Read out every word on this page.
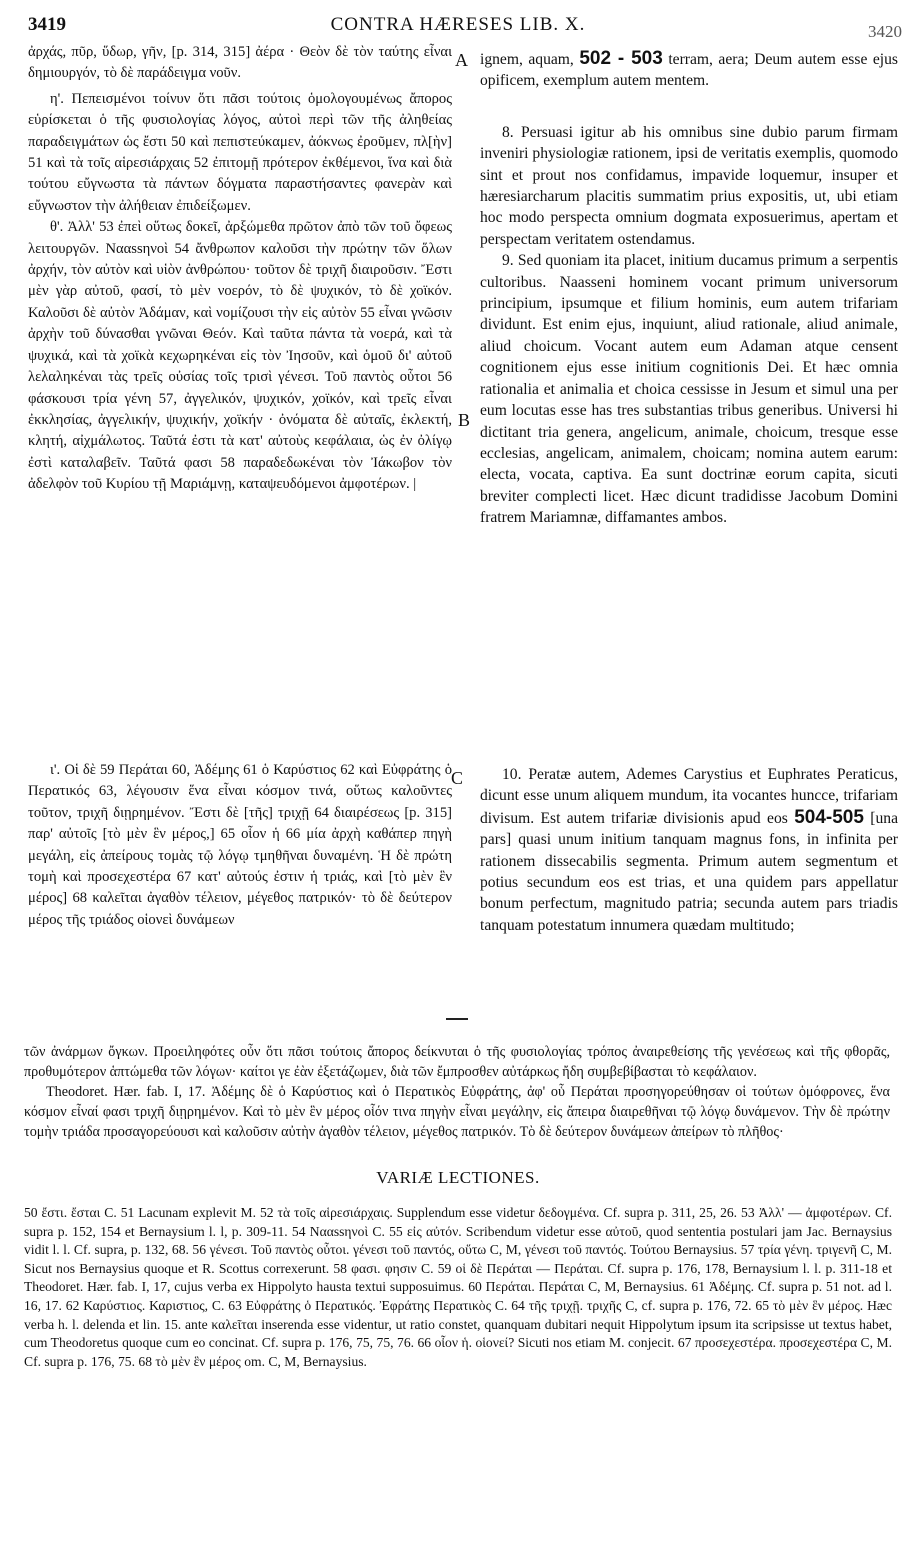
3419	CONTRA HÆRESES LIB. X.	3420

ἀρχάς, πῦρ, ὕδωρ, γῆν, [p. 314, 315] ἀέρα · Θεὸν δὲ τὸν ταύτης εἶναι δημιουργόν, τὸ δὲ παράδειγμα νοῦν.

η'. Πεπεισμένοι τοίνυν ὅτι πᾶσι τούτοις ὁμολογουμένως ἄπορος εὑρίσκεται ὁ τῆς φυσιολογίας λόγος, αὐτοὶ περὶ τῶν τῆς ἀληθείας παραδειγμάτων ὡς ἔστι 50 καὶ πεπιστεύκαμεν, ἀόκνως ἐροῦμεν, πλ[ὴν] 51 καὶ τὰ τοῖς αἱρεσιάρχαις 52 ἐπιτομῇ πρότερον ἐκθέμενοι, ἵνα καὶ διὰ τούτου εὔγνωστα τὰ πάντων δόγματα παραστήσαντες φανερὰν καὶ εὔγνωστον τὴν ἀλήθειαν ἐπιδείξωμεν.

θ'. Ἀλλ' 53 ἐπεὶ οὕτως δοκεῖ, ἀρξώμεθα πρῶτον ἀπὸ τῶν τοῦ ὄφεως λειτουργῶν. Νααssηνοὶ 54 ἄνθρωπον καλοῦσι τὴν πρώτην τῶν ὅλων ἀρχήν, τὸν αὐτὸν καὶ υἱὸν ἀνθρώπου· τοῦτον δὲ τριχῆ διαιροῦσιν. Ἔστι μὲν γὰρ αὐτοῦ, φασί, τὸ μὲν νοερόν, τὸ δὲ ψυχικόν, τὸ δὲ χοϊκόν. Καλοῦσι δὲ αὐτὸν Ἀδάμαν, καὶ νομίζουσι τὴν εἰς αὐτὸν 55 εἶναι γνῶσιν ἀρχὴν τοῦ δύνασθαι γνῶναι Θεόν. Καὶ ταῦτα πάντα τὰ νοερά, καὶ τὰ ψυχικά, καὶ τὰ χοϊκὰ κεχωρηκέναι εἰς τὸν Ἰησοῦν, καὶ ὁμοῦ δι' αὐτοῦ λελαληκέναι τὰς τρεῖς οὐσίας τοῖς τρισὶ γένεσι. Τοῦ παντὸς οὗτοι 56 φάσκουσι τρία γένη 57, ἀγγελικόν, ψυχικόν, χοϊκόν, καὶ τρεῖς εἶναι ἐκκλησίας, ἀγγελικήν, ψυχικήν, χοϊκήν · ὀνόματα δὲ αὐταῖς, ἐκλεκτή, κλητή, αἰχμάλωτος. Ταῦτά ἐστι τὰ κατ' αὐτοὺς κεφάλαια, ὡς ἐν ὀλίγῳ ἐστὶ καταλαβεῖν. Ταῦτά φασι 58 παραδεδωκέναι τὸν Ἰάκωβον τὸν ἀδελφὸν τοῦ Κυρίου τῇ Μαριάμνῃ, καταψευδόμενοι ἀμφοτέρων. |

ι'. Οἱ δὲ 59 Περάται 60, Ἀδέμης 61 ὁ Καρύστιος 62 καὶ Εὐφράτης ὁ Περατικός 63, λέγουσιν ἕνα εἶναι κόσμον τινά, οὕτως καλοῦντες τοῦτον, τριχῆ διῃρημένον. Ἔστι δὲ [τῆς] τριχῇ 64 διαιρέσεως [p. 315] παρ' αὐτοῖς [τὸ μὲν ἓν μέρος,] 65 οἷον ἡ 66 μία ἀρχὴ καθάπερ πηγὴ μεγάλη, εἰς ἀπείρους τομὰς τῷ λόγῳ τμηθῆναι δυναμένη. Ἡ δὲ πρώτη τομὴ καὶ προσεχεστέρα 67 κατ' αὐτούς ἐστιν ἡ τριάς, καὶ [τὸ μὲν ἓν μέρος] 68 καλεῖται ἀγαθὸν τέλειον, μέγεθος πατρικόν· τὸ δὲ δεύτερον μέρος τῆς τριάδος οἱονεὶ δυνάμεων

A
B
C

ignem, aquam, 502 - 503 terram, aera; Deum autem esse ejus opificem, exemplum autem mentem.

8. Persuasi igitur ab his omnibus sine dubio parum firmam inveniri physiologiæ rationem, ipsi de veritatis exemplis, quomodo sint et prout nos confidamus, impavide loquemur, insuper et hæresiarcharum placitis summatim prius expositis, ut, ubi etiam hoc modo perspecta omnium dogmata exposuerimus, apertam et perspectam veritatem ostendamus.

9. Sed quoniam ita placet, initium ducamus primum a serpentis cultoribus. Naasseni hominem vocant primum universorum principium, ipsumque et filium hominis, eum autem trifariam dividunt. Est enim ejus, inquiunt, aliud rationale, aliud animale, aliud choicum. Vocant autem eum Adaman atque censent cognitionem ejus esse initium cognitionis Dei. Et hæc omnia rationalia et animalia et choica cessisse in Jesum et simul una per eum locutas esse has tres substantias tribus generibus. Universi hi dictitant tria genera, angelicum, animale, choicum, tresque esse ecclesias, angelicam, animalem, choicam; nomina autem earum: electa, vocata, captiva. Ea sunt doctrinæ eorum capita, sicuti breviter complecti licet. Hæc dicunt tradidisse Jacobum Domini fratrem Mariamnæ, diffamantes ambos.

10. Peratæ autem, Ademes Carystius et Euphrates Peraticus, dicunt esse unum aliquem mundum, ita vocantes huncce, trifariam divisum. Est autem trifariæ divisionis apud eos 504-505 [una pars] quasi unum initium tanquam magnus fons, in infinita per rationem dissecabilis segmenta. Primum autem segmentum et potius secundum eos est trias, et una quidem pars appellatur bonum perfectum, magnitudo patria; secunda autem pars triadis tanquam potestatum innumera quædam multitudo;

τῶν ἀνάρμων ὄγκων. Προειληφότες οὖν ὅτι πᾶσι τούτοις ἄπορος δείκνυται ὁ τῆς φυσιολογίας τρόπος ἀναιρεθείσης τῆς γενέσεως καὶ τῆς φθορᾶς, προθυμότερον ἁπτώμεθα τῶν λόγων· καίτοι γε ἐὰν ἐξετάζωμεν, διὰ τῶν ἔμπροσθεν αὐτάρκως ἤδη συμβεβίβασται τὸ κεφάλαιον.

Theodoret. Hær. fab. I, 17. Ἀδέμης δὲ ὁ Καρύστιος καὶ ὁ Περατικὸς Εὐφράτης, ἀφ' οὗ Περάται προσηγορεύθησαν οἱ τούτων ὁμόφρονες, ἕνα κόσμον εἶναί φασι τριχῆ διῃρημένον. Καὶ τὸ μὲν ἓν μέρος οἷόν τινα πηγὴν εἶναι μεγάλην, εἰς ἄπειρα διαιρεθῆναι τῷ λόγῳ δυνάμενον. Τὴν δὲ πρώτην τομὴν τριάδα προσαγορεύουσι καὶ καλοῦσιν αὐτὴν ἀγαθὸν τέλειον, μέγεθος πατρικόν. Τὸ δὲ δεύτερον δυνάμεων ἀπείρων τὸ πλῆθος·

VARIÆ LECTIONES.

50 ἔστι. ἔσται C. 51 Lacunam explevit M. 52 τὰ τοῖς αἱρεσιάρχαις. Supplendum esse videtur δεδογμένα. Cf. supra p. 311, 25, 26. 53 Ἀλλ' — ἀμφοτέρων. Cf. supra p. 152, 154 et Bernaysium l. l, p. 309-11. 54 Νααssηνοὶ C. 55 εἰς αὐτόν. Scribendum videtur esse αὐτοῦ, quod sententia postulari jam Jac. Bernaysius vidit l. l. Cf. supra, p. 132, 68. 56 γένεσι. Τοῦ παντὸς οὗτοι. γένεσι τοῦ παντός, οὕτω C, M, γένεσι τοῦ παντός. Τούτου Bernaysius. 57 τρία γένη. τριγενῆ C, M. Sicut nos Bernaysius quoque et R. Scottus correxerunt. 58 φασι. φησιν C. 59 οἱ δὲ Περάται — Περάται. Cf. supra p. 176, 178, Bernaysium l. l. p. 311-18 et Theodoret. Hær. fab. I, 17, cujus verba ex Hippolyto hausta textui supposuimus. 60 Περάται. Πεpάται C, M, Bernaysius. 61 Ἀδέμης. Cf. supra p. 51 not. ad l. 16, 17. 62 Καρύστιος. Καριστιος, C. 63 Εὐφράτης ὁ Περατικός. Ἐφράτης Περατικὸς C. 64 τῆς τριχῇ. τριχῆς C, cf. supra p. 176, 72. 65 τὸ μὲν ἓν μέρος. Hæc verba h. l. delenda et lin. 15. ante καλεῖται inserenda esse videntur, ut ratio constet, quanquam dubitari nequit Hippolytum ipsum ita scripsisse ut textus habet, cum Theodoretus quoque cum eo concinat. Cf. supra p. 176, 75, 75, 76. 66 οἷον ἡ. οἱονεί? Sicuti nos etiam M. conjecit. 67 προσεχεστέρα. προσεχεστέρα C, M. Cf. supra p. 176, 75. 68 τὸ μὲν ἓν μέρος om. C, M, Bernaysius.
